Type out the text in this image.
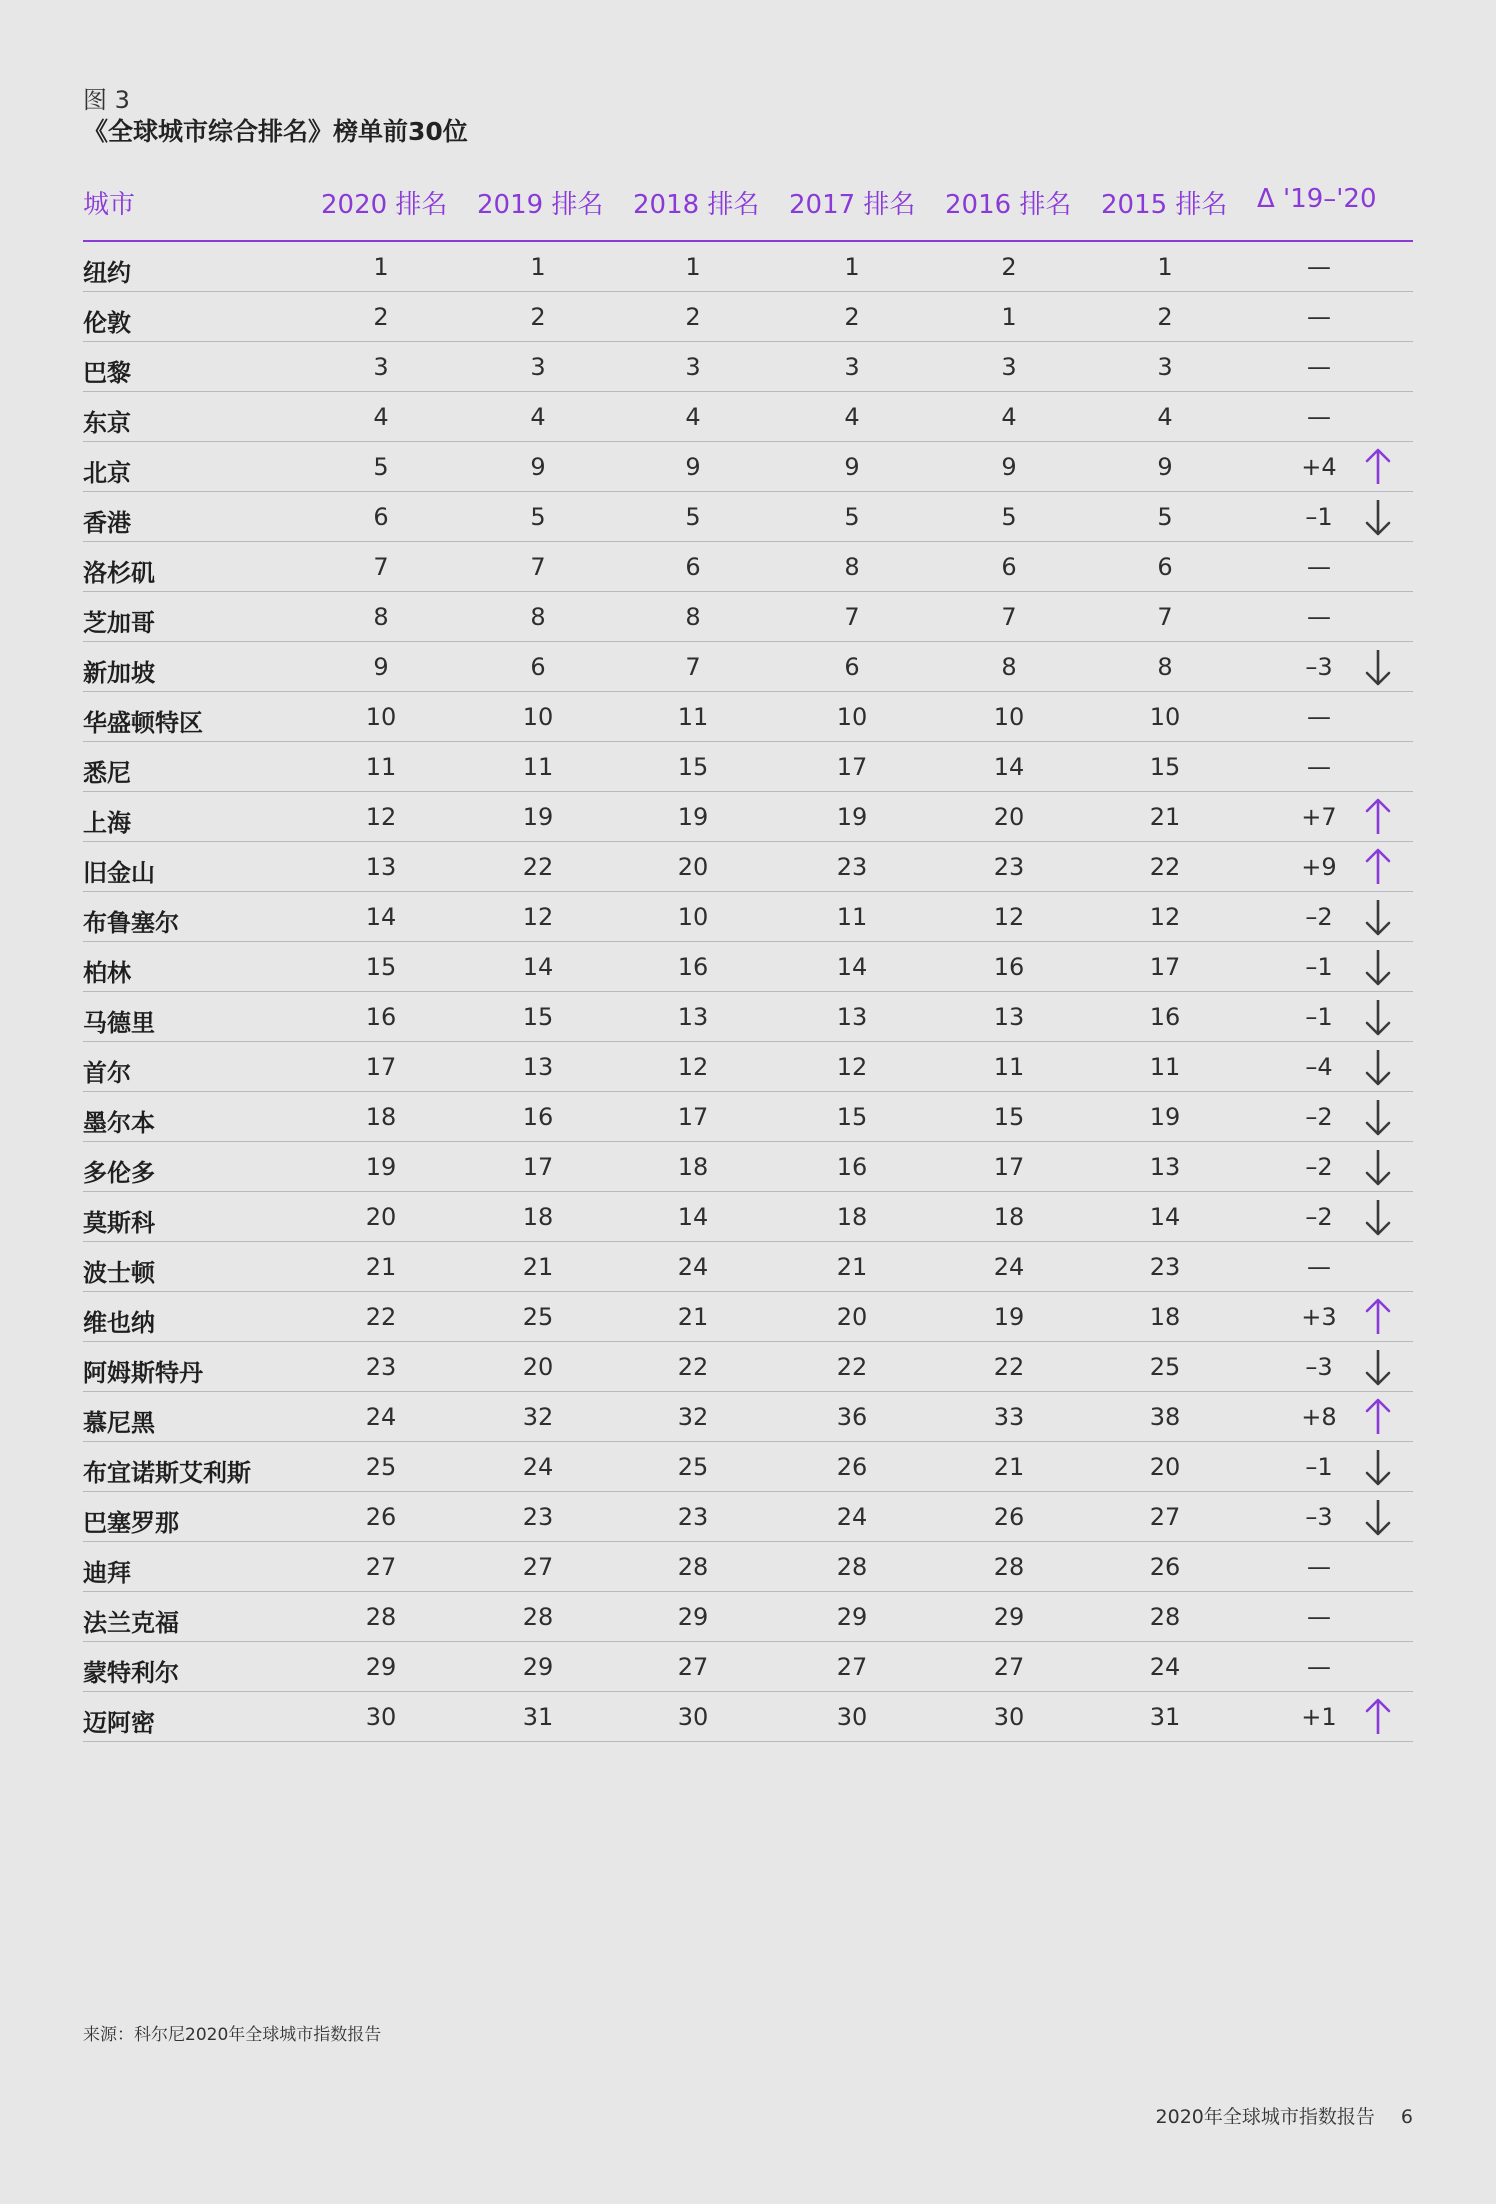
图 3
《全球城市综合排名》榜单前30位
城市	2020 排名 2019 排名 2018 排名 2017 排名 2016 排名 2015 排名 Δ '19–'20
纽约	1	1	1	1	2	1	—
伦敦	2	2	2	2	1	2	—
巴黎	3	3	3	3	3	3	—
东京	4	4	4	4	4	4	—
北京	5	9	9	9	9	9	+4
香港	6	5	5	5	5	5	–1
洛杉矶	7	7	6	8	6	6	—
芝加哥	8	8	8	7	7	7	—
新加坡	9	6	7	6	8	8	–3
华盛顿特区	10	10	11	10	10	10	—
悉尼	11	11	15	17	14	15	—
上海	12	19	19	19	20	21	+7
旧金山	13	22	20	23	23	22	+9
布鲁塞尔	14	12	10	11	12	12	–2
柏林	15	14	16	14	16	17	–1
马德里	16	15	13	13	13	16	–1
首尔	17	13	12	12	11	11	–4
墨尔本	18	16	17	15	15	19	–2
多伦多	19	17	18	16	17	13	–2
莫斯科	20	18	14	18	18	14	–2
波士顿	21	21	24	21	24	23	—
维也纳	22	25	21	20	19	18	+3
阿姆斯特丹	23	20	22	22	22	25	–3
慕尼黑	24	32	32	36	33	38	+8
布宜诺斯艾利斯	25	24	25	26	21	20	–1
巴塞罗那	26	23	23	24	26	27	–3
迪拜	27	27	28	28	28	26	—
法兰克福	28	28	29	29	29	28	—
蒙特利尔	29	29	27	27	27	24	—
迈阿密	30	31	30	30	30	31	+1
来源：科尔尼2020年全球城市指数报告
2020年全球城市指数报告 6
